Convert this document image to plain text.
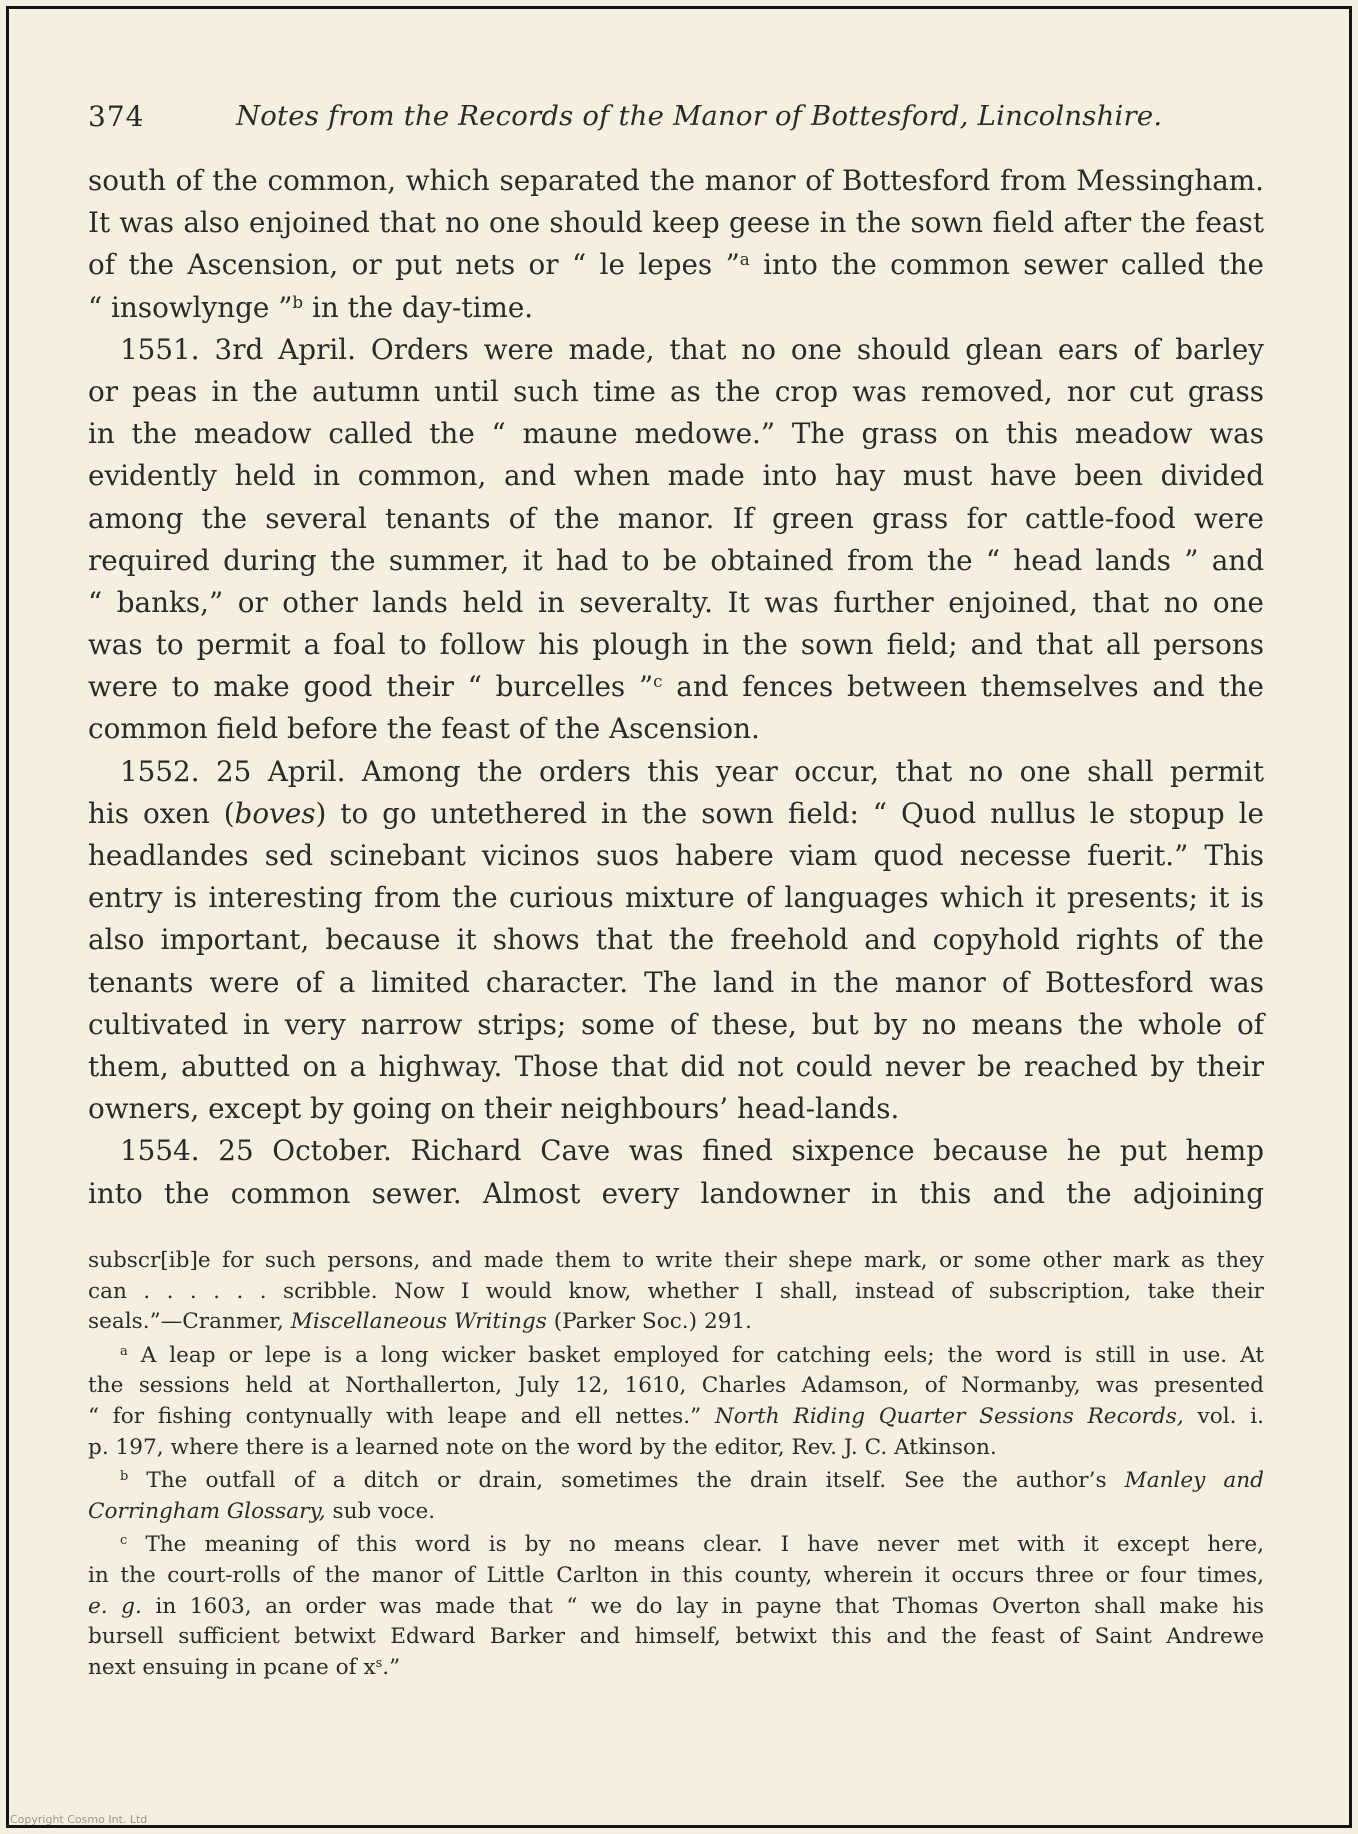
374	Notes from the Records of the Manor of Bottesford, Lincolnshire.
south of the common, which separated the manor of Bottesford from Messingham.
It was also enjoined that no one should keep geese in the sown field after the feast
of the Ascension, or put nets or “ le lepes ”$^a$ into the common sewer called the
“ insowlynge ”$^b$ in the day-time.
1551. 3rd April. Orders were made, that no one should glean ears of barley
or peas in the autumn until such time as the crop was removed, nor cut grass
in the meadow called the “ maune medowe.” The grass on this meadow was
evidently held in common, and when made into hay must have been divided
among the several tenants of the manor. If green grass for cattle-food were
required during the summer, it had to be obtained from the “ head lands ” and
“ banks,” or other lands held in severalty. It was further enjoined, that no one
was to permit a foal to follow his plough in the sown field; and that all persons
were to make good their “ burcelles ”$^c$ and fences between themselves and the
common field before the feast of the Ascension.
1552. 25 April. Among the orders this year occur, that no one shall permit
his oxen (boves) to go untethered in the sown field: “ Quod nullus le stopup le
headlandes sed scinebant vicinos suos habere viam quod necesse fuerit.” This
entry is interesting from the curious mixture of languages which it presents; it is
also important, because it shows that the freehold and copyhold rights of the
tenants were of a limited character. The land in the manor of Bottesford was
cultivated in very narrow strips; some of these, but by no means the whole of
them, abutted on a highway. Those that did not could never be reached by their
owners, except by going on their neighbours’ head-lands.
1554. 25 October. Richard Cave was fined sixpence because he put hemp
into the common sewer. Almost every landowner in this and the adjoining
subscr[ib]e for such persons, and made them to write their shepe mark, or some other mark as they
can . . . . . . scribble. Now I would know, whether I shall, instead of subscription, take their
seals.”—Cranmer, Miscellaneous Writings (Parker Soc.) 291.
$^a$ A leap or lepe is a long wicker basket employed for catching eels; the word is still in use. At
the sessions held at Northallerton, July 12, 1610, Charles Adamson, of Normanby, was presented
“ for fishing contynually with leape and ell nettes.” North Riding Quarter Sessions Records, vol. i.
p. 197, where there is a learned note on the word by the editor, Rev. J. C. Atkinson.
$^b$ The outfall of a ditch or drain, sometimes the drain itself. See the author’s Manley and
Corringham Glossary, sub voce.
$^c$ The meaning of this word is by no means clear. I have never met with it except here,
in the court-rolls of the manor of Little Carlton in this county, wherein it occurs three or four times,
e. g. in 1603, an order was made that “ we do lay in payne that Thomas Overton shall make his
bursell sufficient betwixt Edward Barker and himself, betwixt this and the feast of Saint Andrewe
next ensuing in pcane of $x^s$.”
Copyright Cosmo Int. Ltd
